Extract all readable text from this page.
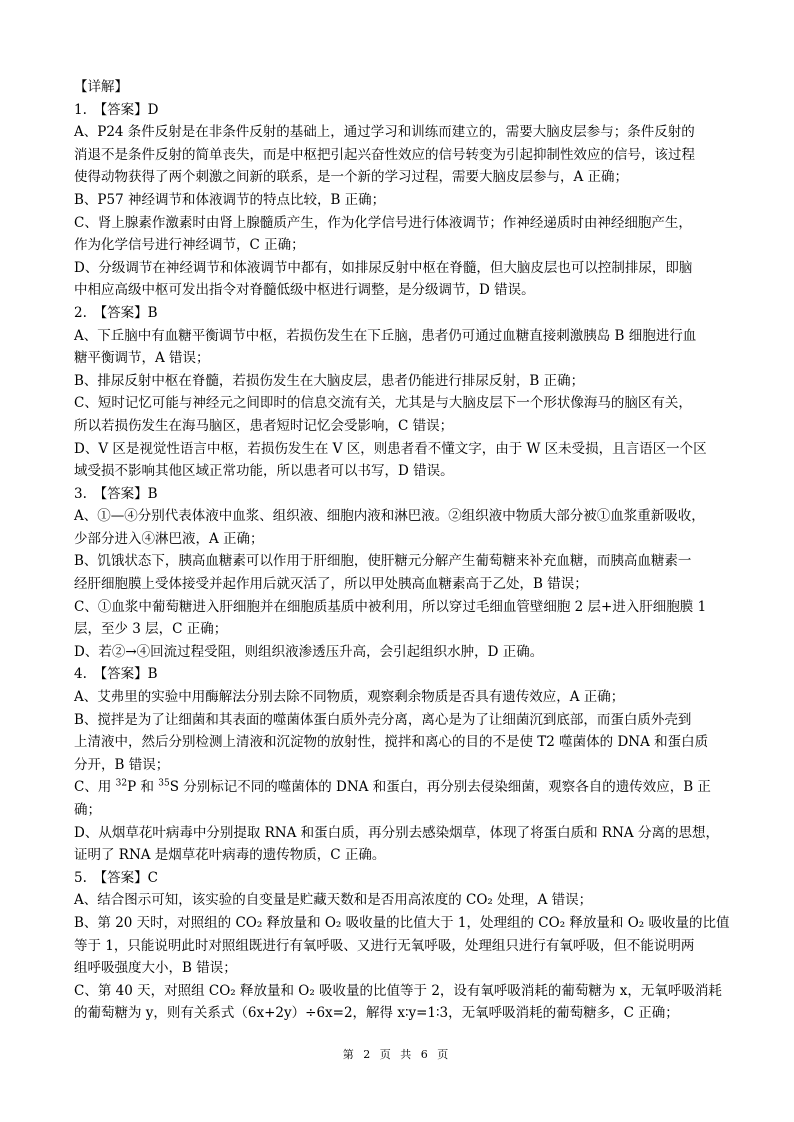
【详解】
1.　【答案】D
A、P24 条件反射是在非条件反射的基础上，通过学习和训练而建立的，需要大脑皮层参与；条件反射的
消退不是条件反射的简单丧失，而是中枢把引起兴奋性效应的信号转变为引起抑制性效应的信号，该过程
使得动物获得了两个刺激之间新的联系，是一个新的学习过程，需要大脑皮层参与，A 正确；
B、P57 神经调节和体液调节的特点比较，B 正确；
C、肾上腺素作激素时由肾上腺髓质产生，作为化学信号进行体液调节；作神经递质时由神经细胞产生，
作为化学信号进行神经调节，C 正确；
D、分级调节在神经调节和体液调节中都有，如排尿反射中枢在脊髓，但大脑皮层也可以控制排尿，即脑
中相应高级中枢可发出指令对脊髓低级中枢进行调整，是分级调节，D 错误。
2.　【答案】B
A、下丘脑中有血糖平衡调节中枢，若损伤发生在下丘脑，患者仍可通过血糖直接刺激胰岛 B 细胞进行血
糖平衡调节，A 错误；
B、排尿反射中枢在脊髓，若损伤发生在大脑皮层，患者仍能进行排尿反射，B 正确；
C、短时记忆可能与神经元之间即时的信息交流有关，尤其是与大脑皮层下一个形状像海马的脑区有关，
所以若损伤发生在海马脑区，患者短时记忆会受影响，C 错误；
D、V 区是视觉性语言中枢，若损伤发生在 V 区，则患者看不懂文字，由于 W 区未受损，且言语区一个区
域受损不影响其他区域正常功能，所以患者可以书写，D 错误。
3.　【答案】B
A、①—④分别代表体液中血浆、组织液、细胞内液和淋巴液。②组织液中物质大部分被①血浆重新吸收，
少部分进入④淋巴液，A 正确；
B、饥饿状态下，胰高血糖素可以作用于肝细胞，使肝糖元分解产生葡萄糖来补充血糖，而胰高血糖素一
经肝细胞膜上受体接受并起作用后就灭活了，所以甲处胰高血糖素高于乙处，B 错误；
C、①血浆中葡萄糖进入肝细胞并在细胞质基质中被利用，所以穿过毛细血管壁细胞 2 层+进入肝细胞膜 1
层，至少 3 层，C 正确；
D、若②→④回流过程受阻，则组织液渗透压升高，会引起组织水肿，D 正确。
4.　【答案】B
A、艾弗里的实验中用酶解法分别去除不同物质，观察剩余物质是否具有遗传效应，A 正确；
B、搅拌是为了让细菌和其表面的噬菌体蛋白质外壳分离，离心是为了让细菌沉到底部，而蛋白质外壳到
上清液中，然后分别检测上清液和沉淀物的放射性，搅拌和离心的目的不是使 T2 噬菌体的 DNA 和蛋白质
分开，B 错误；
C、用 $^{32}$P 和 $^{35}$S 分别标记不同的噬菌体的 DNA 和蛋白，再分别去侵染细菌，观察各自的遗传效应，B 正
确；
D、从烟草花叶病毒中分别提取 RNA 和蛋白质，再分别去感染烟草，体现了将蛋白质和 RNA 分离的思想，
证明了 RNA 是烟草花叶病毒的遗传物质，C 正确。
5.　【答案】C
A、结合图示可知，该实验的自变量是贮藏天数和是否用高浓度的 CO₂ 处理，A 错误；
B、第 20 天时，对照组的 CO₂ 释放量和 O₂ 吸收量的比值大于 1，处理组的 CO₂ 释放量和 O₂ 吸收量的比值
等于 1，只能说明此时对照组既进行有氧呼吸、又进行无氧呼吸，处理组只进行有氧呼吸，但不能说明两
组呼吸强度大小，B 错误；
C、第 40 天，对照组 CO₂ 释放量和 O₂ 吸收量的比值等于 2，设有氧呼吸消耗的葡萄糖为 x，无氧呼吸消耗
的葡萄糖为 y，则有关系式（6x+2y）÷6x=2，解得 x∶y=1∶3，无氧呼吸消耗的葡萄糖多，C 正确；
第 2 页 共 6 页
